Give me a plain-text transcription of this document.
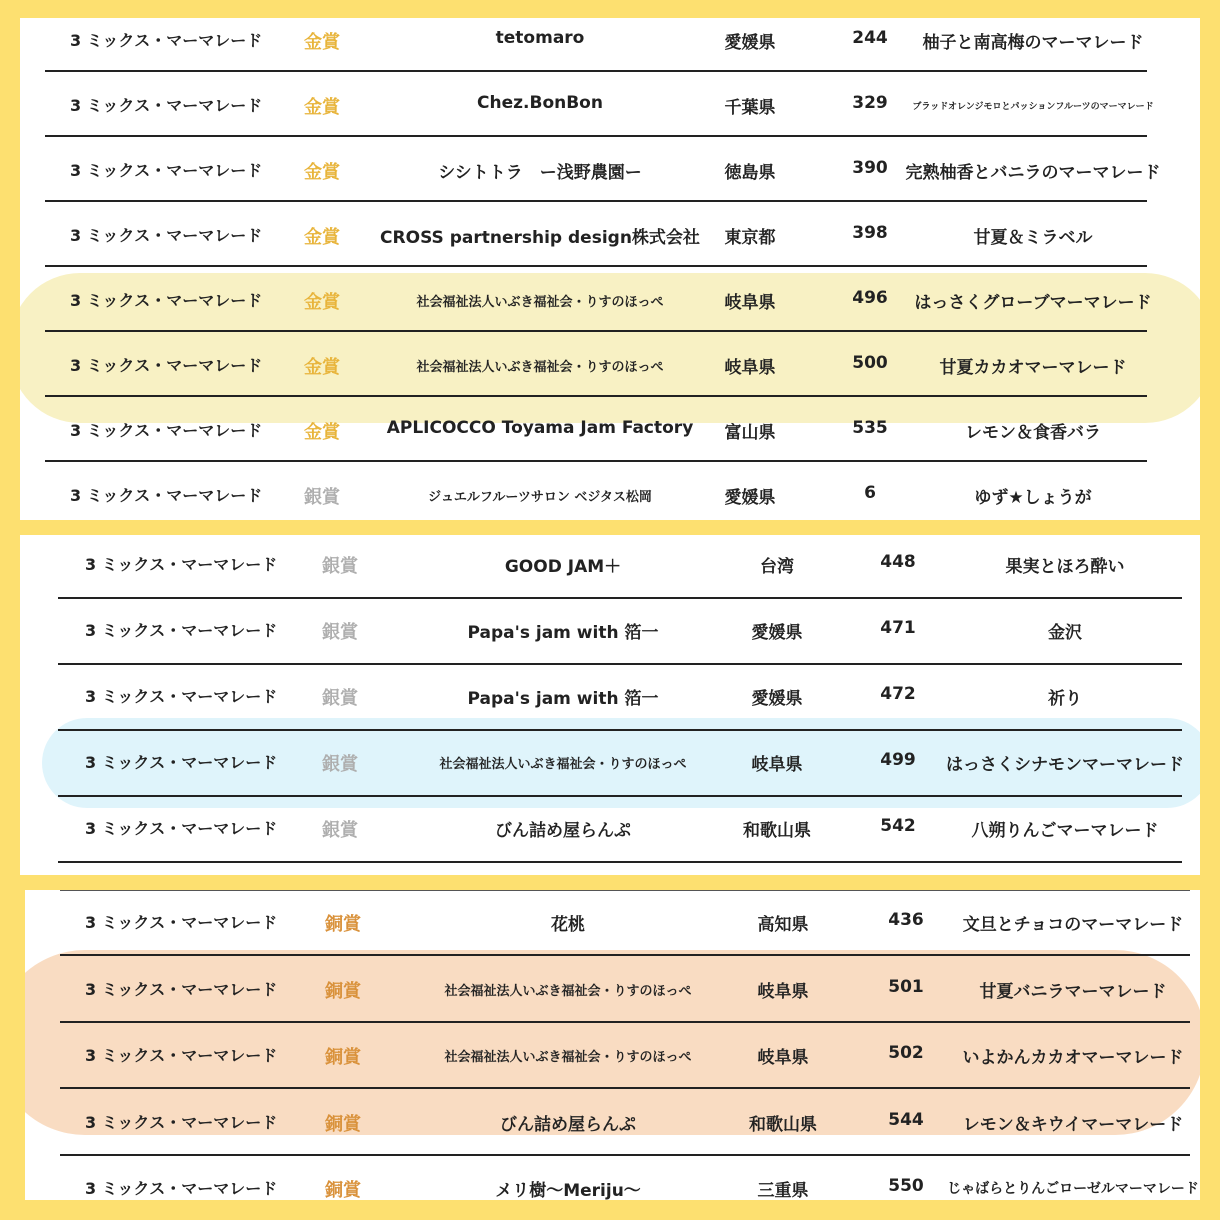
3 ミックス・マーマレード 金賞	tetomaro	愛媛県	244 柚子と南高梅のマーマレード
3 ミックス・マーマレード 金賞	Chez.BonBon	千葉県	329	ブラッドオレンジモロとパッションフルーツのマーマレード
3 ミックス・マーマレード 金賞	シシトトラ　ー浅野農園ー	徳島県	390 完熟柚香とバニラのマーマレード
3 ミックス・マーマレード 金賞 CROSS partnership design株式会社 東京都	398	甘夏＆ミラベル
3 ミックス・マーマレード 金賞	社会福祉法人いぶき福祉会・りすのほっぺ	岐阜県	496 はっさくグローブマーマレード
3 ミックス・マーマレード 金賞	社会福祉法人いぶき福祉会・りすのほっぺ	岐阜県	500	甘夏カカオマーマレード
3 ミックス・マーマレード 金賞	APLICOCCO Toyama Jam Factory 富山県	535	レモン＆食香バラ
3 ミックス・マーマレード 銀賞	ジュエルフルーツサロン ベジタス松岡	愛媛県	6	ゆず★しょうが
3 ミックス・マーマレード 銀賞	GOOD JAM＋	台湾	448	果実とほろ酔い
3 ミックス・マーマレード 銀賞	Papa's jam with 箔一	愛媛県	471	金沢
3 ミックス・マーマレード 銀賞	Papa's jam with 箔一	愛媛県	472	祈り
3 ミックス・マーマレード 銀賞	社会福祉法人いぶき福祉会・りすのほっぺ	岐阜県	499 はっさくシナモンマーマレード
3 ミックス・マーマレード 銀賞	びん詰め屋らんぷ	和歌山県	542	八朔りんごマーマレード
3 ミックス・マーマレード	銅賞	花桃	高知県	436 文旦とチョコのマーマレード
3 ミックス・マーマレード	銅賞	社会福祉法人いぶき福祉会・りすのほっぺ	岐阜県	501	甘夏バニラマーマレード
3 ミックス・マーマレード	銅賞	社会福祉法人いぶき福祉会・りすのほっぺ	岐阜県	502 いよかんカカオマーマレード
3 ミックス・マーマレード	銅賞	びん詰め屋らんぷ	和歌山県	544 レモン＆キウイマーマレード
3 ミックス・マーマレード	銅賞	メリ樹～Meriju～	三重県	550 じゃばらとりんごローゼルマーマレード
